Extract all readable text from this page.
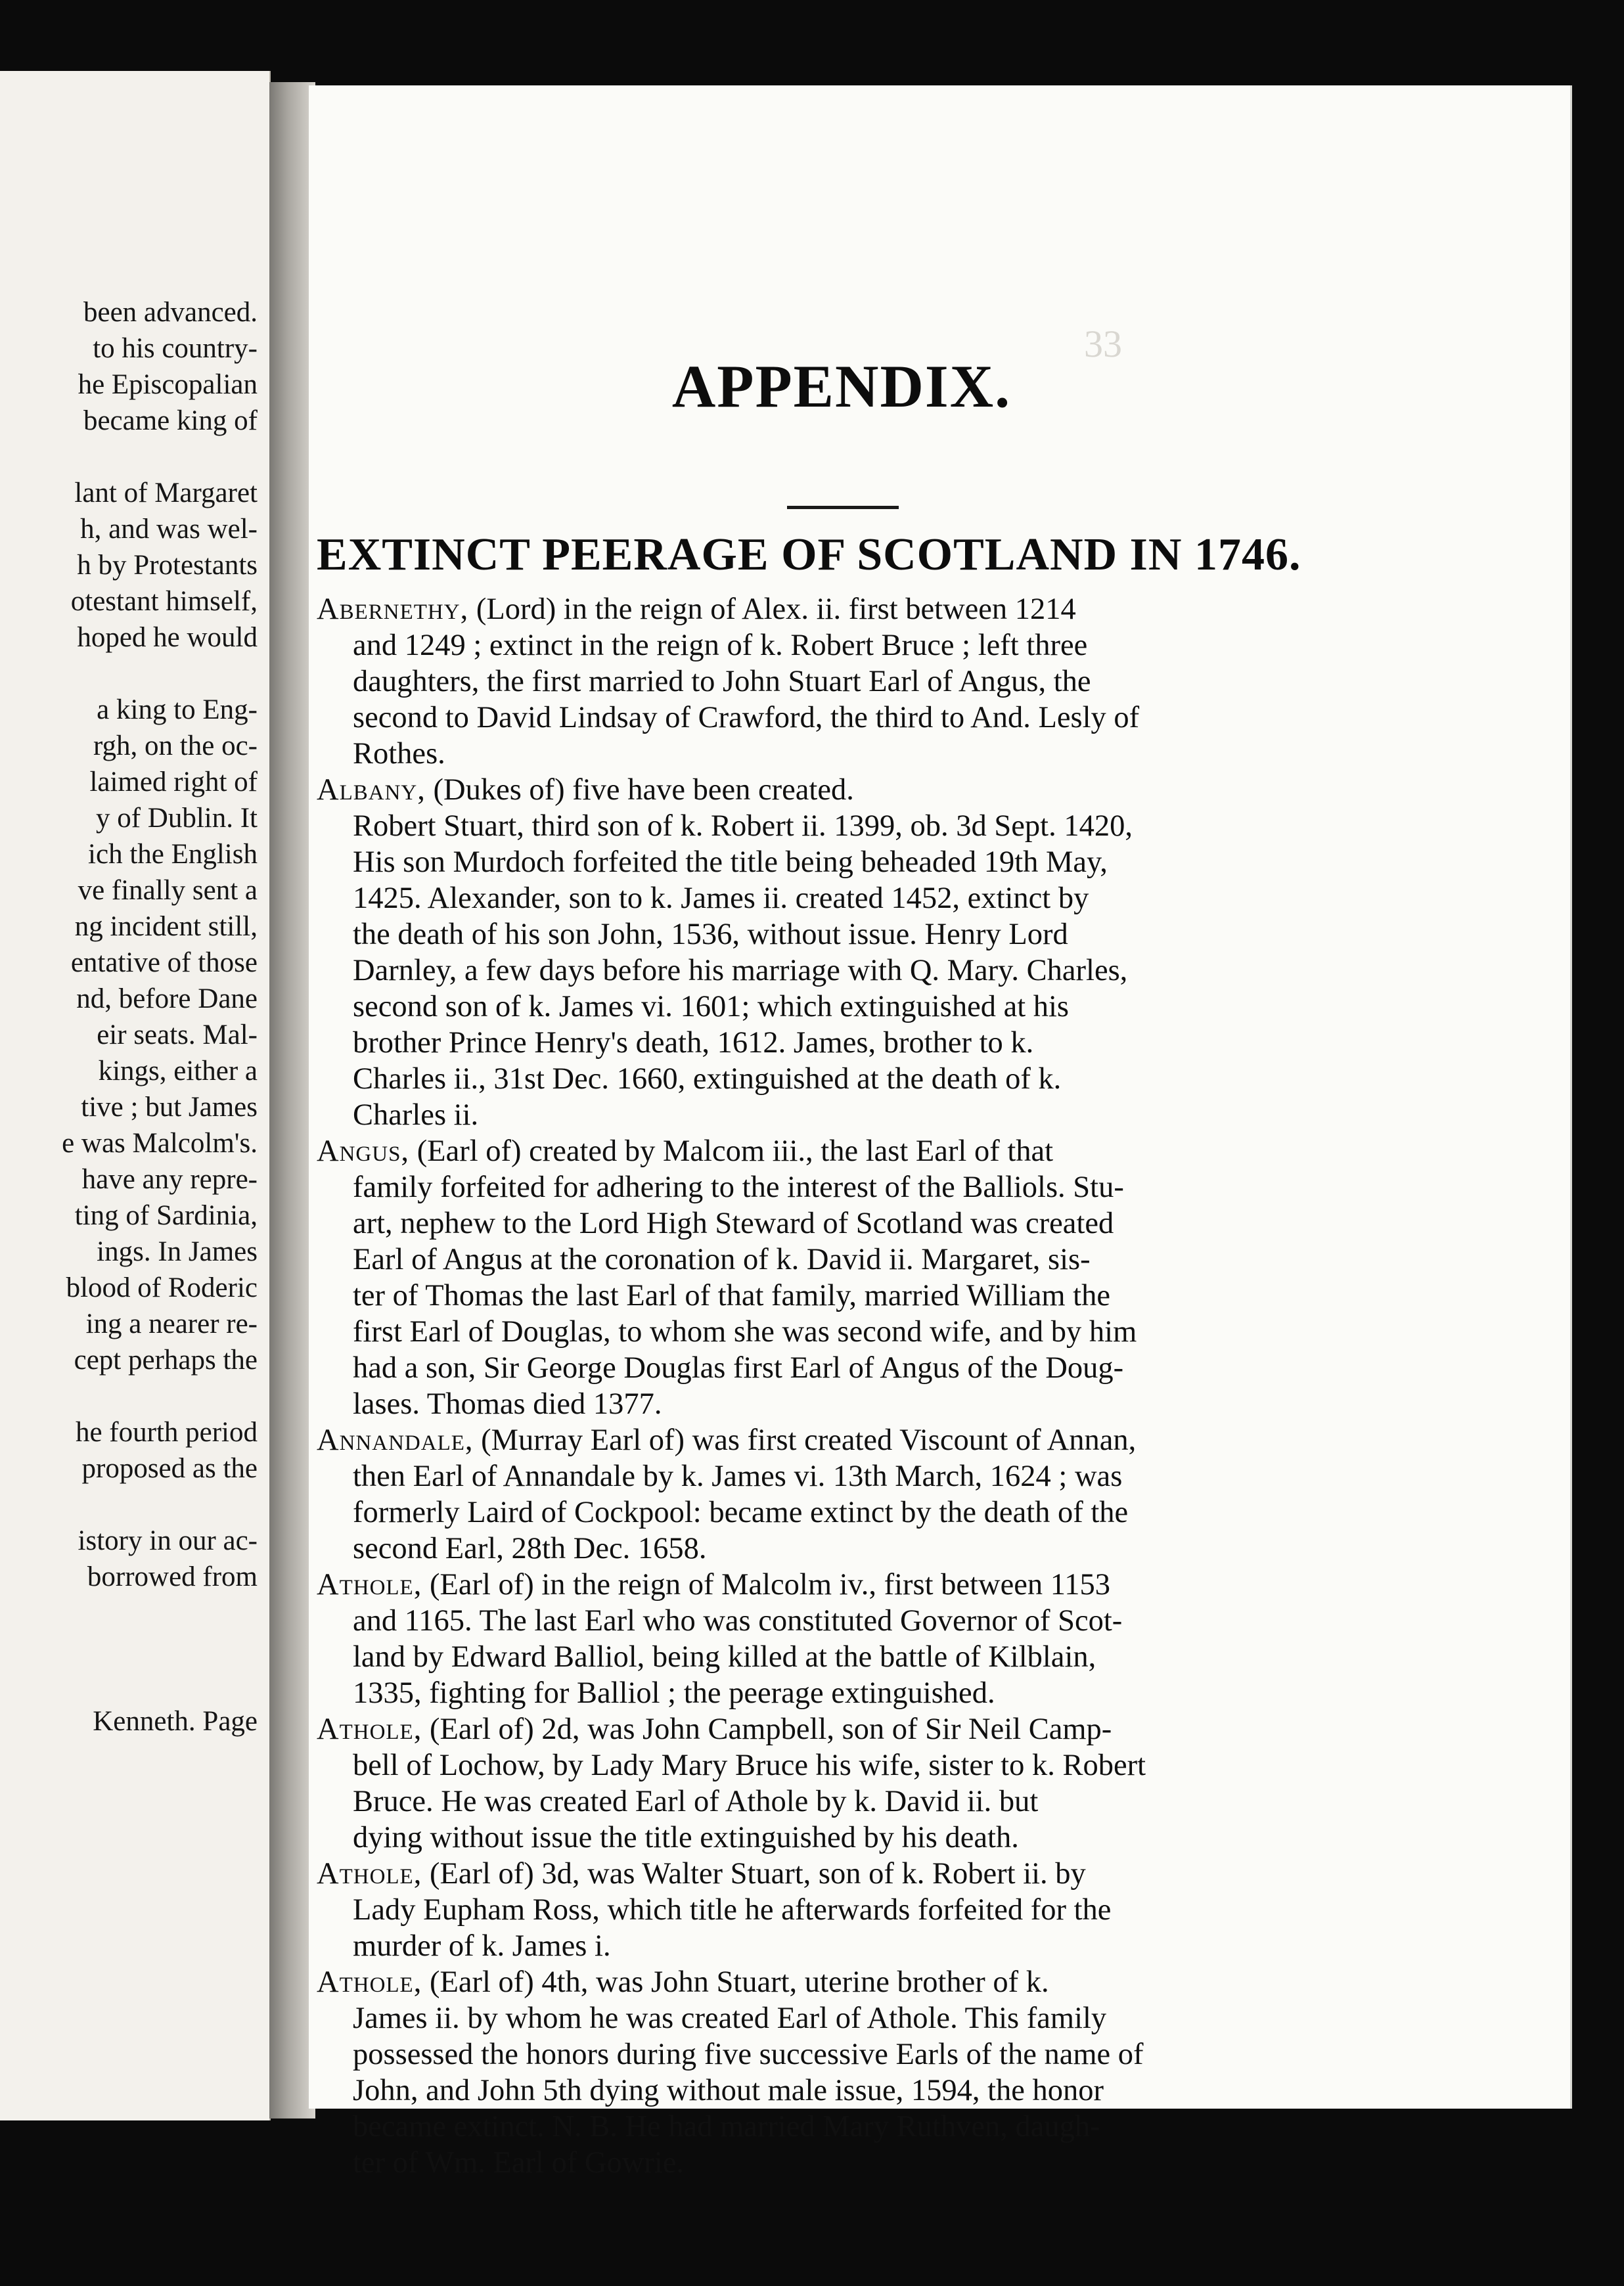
been advanced.
to his country-
he Episcopalian
became king of
lant of Margaret
h, and was wel-
h by Protestants
otestant himself,
hoped he would
a king to Eng-
rgh, on the oc-
laimed right of
y of Dublin. It
ich the English
ve finally sent a
ng incident still,
entative of those
nd, before Dane
eir seats. Mal-
kings, either a
tive ; but James
e was Malcolm's.
have any repre-
ting of Sardinia,
ings. In James
blood of Roderic
ing a nearer re-
cept perhaps the
he fourth period
proposed as the
istory in our ac-
borrowed from
Kenneth. Page
33
APPENDIX.
EXTINCT PEERAGE OF SCOTLAND IN 1746.
Abernethy, (Lord) in the reign of Alex. ii. first between 1214
and 1249 ; extinct in the reign of k. Robert Bruce ; left three
daughters, the first married to John Stuart Earl of Angus, the
second to David Lindsay of Crawford, the third to And. Lesly of
Rothes.
Albany, (Dukes of) five have been created.
Robert Stuart, third son of k. Robert ii. 1399, ob. 3d Sept. 1420,
His son Murdoch forfeited the title being beheaded 19th May,
1425. Alexander, son to k. James ii. created 1452, extinct by
the death of his son John, 1536, without issue. Henry Lord
Darnley, a few days before his marriage with Q. Mary. Charles,
second son of k. James vi. 1601; which extinguished at his
brother Prince Henry's death, 1612. James, brother to k.
Charles ii., 31st Dec. 1660, extinguished at the death of k.
Charles ii.
Angus, (Earl of) created by Malcom iii., the last Earl of that
family forfeited for adhering to the interest of the Balliols. Stu-
art, nephew to the Lord High Steward of Scotland was created
Earl of Angus at the coronation of k. David ii. Margaret, sis-
ter of Thomas the last Earl of that family, married William the
first Earl of Douglas, to whom she was second wife, and by him
had a son, Sir George Douglas first Earl of Angus of the Doug-
lases. Thomas died 1377.
Annandale, (Murray Earl of) was first created Viscount of Annan,
then Earl of Annandale by k. James vi. 13th March, 1624 ; was
formerly Laird of Cockpool: became extinct by the death of the
second Earl, 28th Dec. 1658.
Athole, (Earl of) in the reign of Malcolm iv., first between 1153
and 1165. The last Earl who was constituted Governor of Scot-
land by Edward Balliol, being killed at the battle of Kilblain,
1335, fighting for Balliol ; the peerage extinguished.
Athole, (Earl of) 2d, was John Campbell, son of Sir Neil Camp-
bell of Lochow, by Lady Mary Bruce his wife, sister to k. Robert
Bruce. He was created Earl of Athole by k. David ii. but
dying without issue the title extinguished by his death.
Athole, (Earl of) 3d, was Walter Stuart, son of k. Robert ii. by
Lady Eupham Ross, which title he afterwards forfeited for the
murder of k. James i.
Athole, (Earl of) 4th, was John Stuart, uterine brother of k.
James ii. by whom he was created Earl of Athole. This family
possessed the honors during five successive Earls of the name of
John, and John 5th dying without male issue, 1594, the honor
became extinct. N. B. He had married Mary Ruthven, daugh-
ter of Wm. Earl of Gowrie.
